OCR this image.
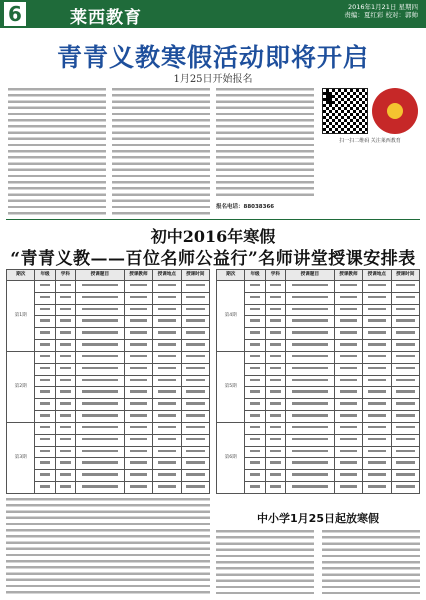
6	莱西教育
2016年1月21日 星期四
责编：夏红彩 校对：郭帅
青青义教寒假活动即将开启
1月25日开始报名
扫一扫二维码 关注莱西教育
报名电话：88038366
初中2016年寒假
“青青义教——百位名师公益行”名师讲堂授课安排表
期次	年级	学科	授课题目	授课教师	授课地点	授课时间
第1期						

第2期						

第3期						

期次	年级	学科	授课题目	授课教师	授课地点	授课时间
第4期						

第5期						

第6期						

中小学1月25日起放寒假
